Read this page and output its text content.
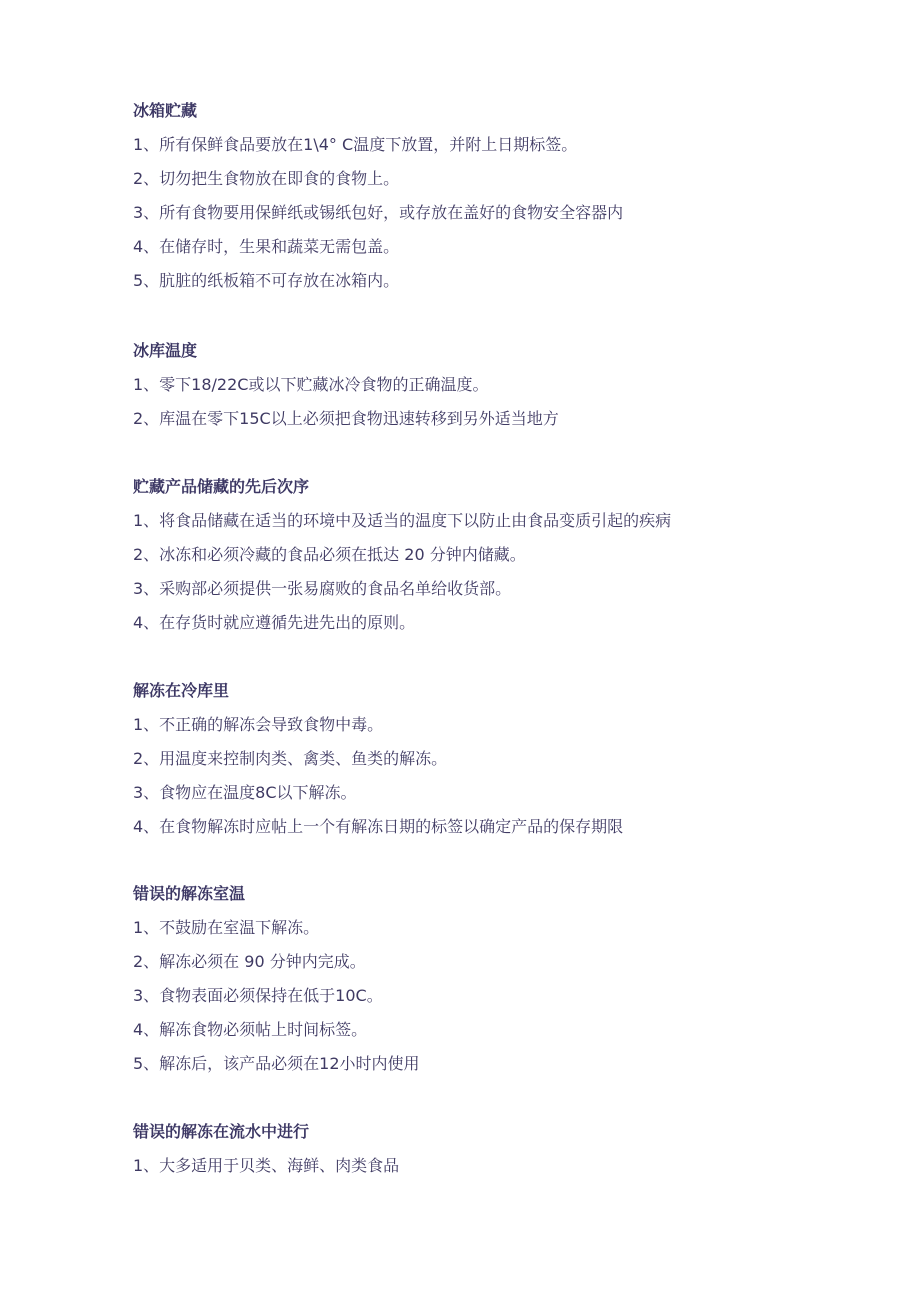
冰箱贮藏
1、所有保鲜食品要放在1\4° C温度下放置，并附上日期标签。
2、切勿把生食物放在即食的食物上。
3、所有食物要用保鲜纸或锡纸包好，或存放在盖好的食物安全容器内
4、在储存时，生果和蔬菜无需包盖。
5、肮脏的纸板箱不可存放在冰箱内。
冰库温度
1、零下18/22C或以下贮藏冰冷食物的正确温度。
2、库温在零下15C以上必须把食物迅速转移到另外适当地方
贮藏产品储藏的先后次序
1、将食品储藏在适当的环境中及适当的温度下以防止由食品变质引起的疾病
2、冰冻和必须冷藏的食品必须在抵达 20 分钟内储藏。
3、采购部必须提供一张易腐败的食品名单给收货部。
4、在存货时就应遵循先进先出的原则。
解冻在冷库里
1、不正确的解冻会导致食物中毒。
2、用温度来控制肉类、禽类、鱼类的解冻。
3、食物应在温度8C以下解冻。
4、在食物解冻时应帖上一个有解冻日期的标签以确定产品的保存期限
错误的解冻室温
1、不鼓励在室温下解冻。
2、解冻必须在 90 分钟内完成。
3、食物表面必须保持在低于10C。
4、解冻食物必须帖上时间标签。
5、解冻后，该产品必须在12小时内使用
错误的解冻在流水中进行
1、大多适用于贝类、海鲜、肉类食品
